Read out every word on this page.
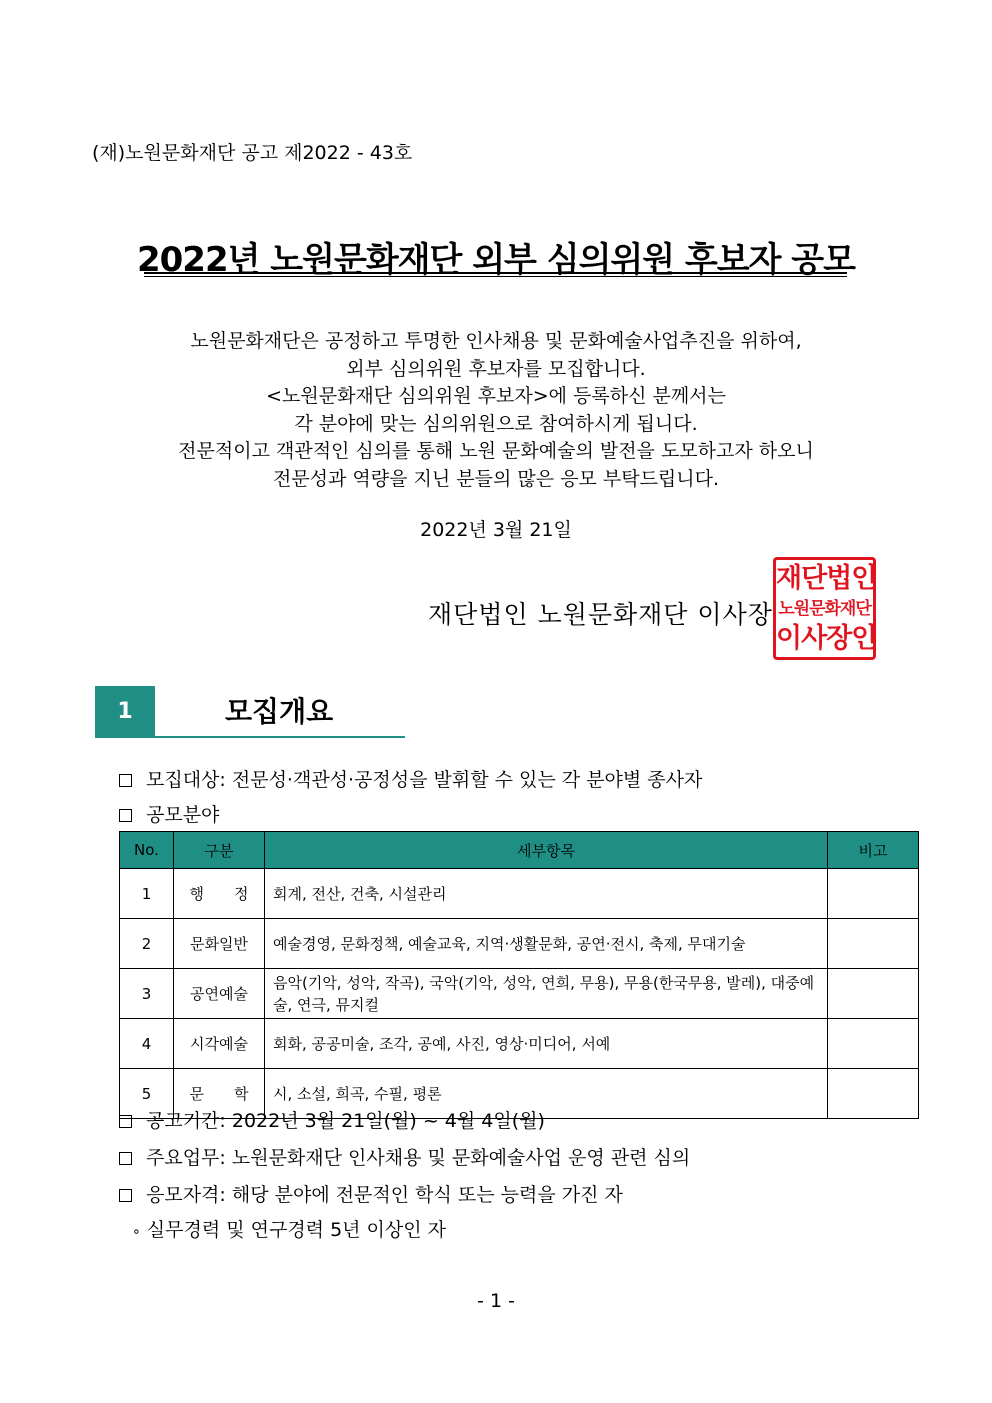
(재)노원문화재단 공고 제2022 - 43호
2022년 노원문화재단 외부 심의위원 후보자 공모
노원문화재단은 공정하고 투명한 인사채용 및 문화예술사업추진을 위하여,
외부 심의위원 후보자를 모집합니다.
<노원문화재단 심의위원 후보자>에 등록하신 분께서는
각 분야에 맞는 심의위원으로 참여하시게 됩니다.
전문적이고 객관적인 심의를 통해 노원 문화예술의 발전을 도모하고자 하오니
전문성과 역량을 지닌 분들의 많은 응모 부탁드립니다.
2022년 3월 21일
재단법인 노원문화재단 이사장
재단법인
노원문화재단
이사장인
1	모집개요
모집대상: 전문성·객관성·공정성을 발휘할 수 있는 각 분야별 종사자
공모분야
No.	구분	세부항목	비고
1	행　　정	회계, 전산, 건축, 시설관리	
2	문화일반	예술경영, 문화정책, 예술교육, 지역·생활문화, 공연·전시, 축제, 무대기술	
3	공연예술	음악(기악, 성악, 작곡), 국악(기악, 성악, 연희, 무용), 무용(한국무용, 발레), 대중예술, 연극, 뮤지컬	
4	시각예술	회화, 공공미술, 조각, 공예, 사진, 영상·미디어, 서예	
5	문　　학	시, 소설, 희곡, 수필, 평론	
공고기간: 2022년 3월 21일(월) ~ 4월 4일(월)
주요업무: 노원문화재단 인사채용 및 문화예술사업 운영 관련 심의
응모자격: 해당 분야에 전문적인 학식 또는 능력을 가진 자
∘ 실무경력 및 연구경력 5년 이상인 자
- 1 -
